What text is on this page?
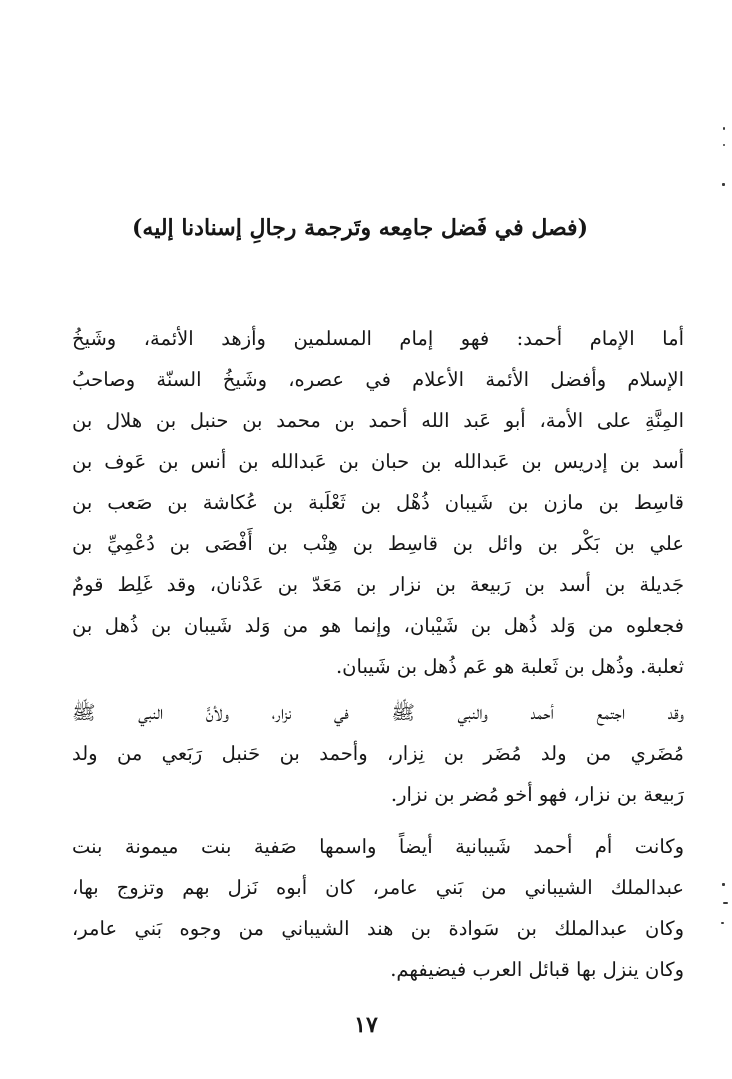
(فصل في فَضل جامِعه وتَرجمة رجالِ إسنادنا إليه)
أما الإمام أحمد: فهو إمام المسلمين وأزهد الأئمة، وشَيخُ
الإسلام وأفضل الأئمة الأعلام في عصره، وشَيخُ السنّة وصاحبُ
المِنَّةِ على الأمة، أبو عَبد الله أحمد بن محمد بن حنبل بن هلال بن
أسد بن إدريس بن عَبدالله بن حبان بن عَبدالله بن أنس بن عَوف بن
قاسِط بن مازن بن شَيبان ذُهْل بن ثَعْلَبة بن عُكاشة بن صَعب بن
علي بن بَكْر بن وائل بن قاسِط بن هِنْب بن أَفْصَى بن دُعْمِيِّ بن
جَديلة بن أسد بن رَبيعة بن نزار بن مَعَدّ بن عَدْنان، وقد غَلِط قومٌ
فجعلوه من وَلد ذُهل بن شَيْبان، وإنما هو من وَلد شَيبان بن ذُهل بن
ثعلبة. وذُهل بن ثَعلبة هو عَم ذُهل بن شَيبان.
وقد اجتمع أحمد والنبي ﷺ في نزار، ولأنَّ النبي ﷺ
مُضَري من ولد مُضَر بن نِزار، وأحمد بن حَنبل رَبَعي من ولد
رَبيعة بن نزار، فهو أخو مُضر بن نزار.
وكانت أم أحمد شَيبانية أيضاً واسمها صَفية بنت ميمونة بنت
عبدالملك الشيباني من بَني عامر، كان أبوه نَزل بهم وتزوج بها،
وكان عبدالملك بن سَوادة بن هند الشيباني من وجوه بَني عامر،
وكان ينزل بها قبائل العرب فيضيفهم.
١٧
